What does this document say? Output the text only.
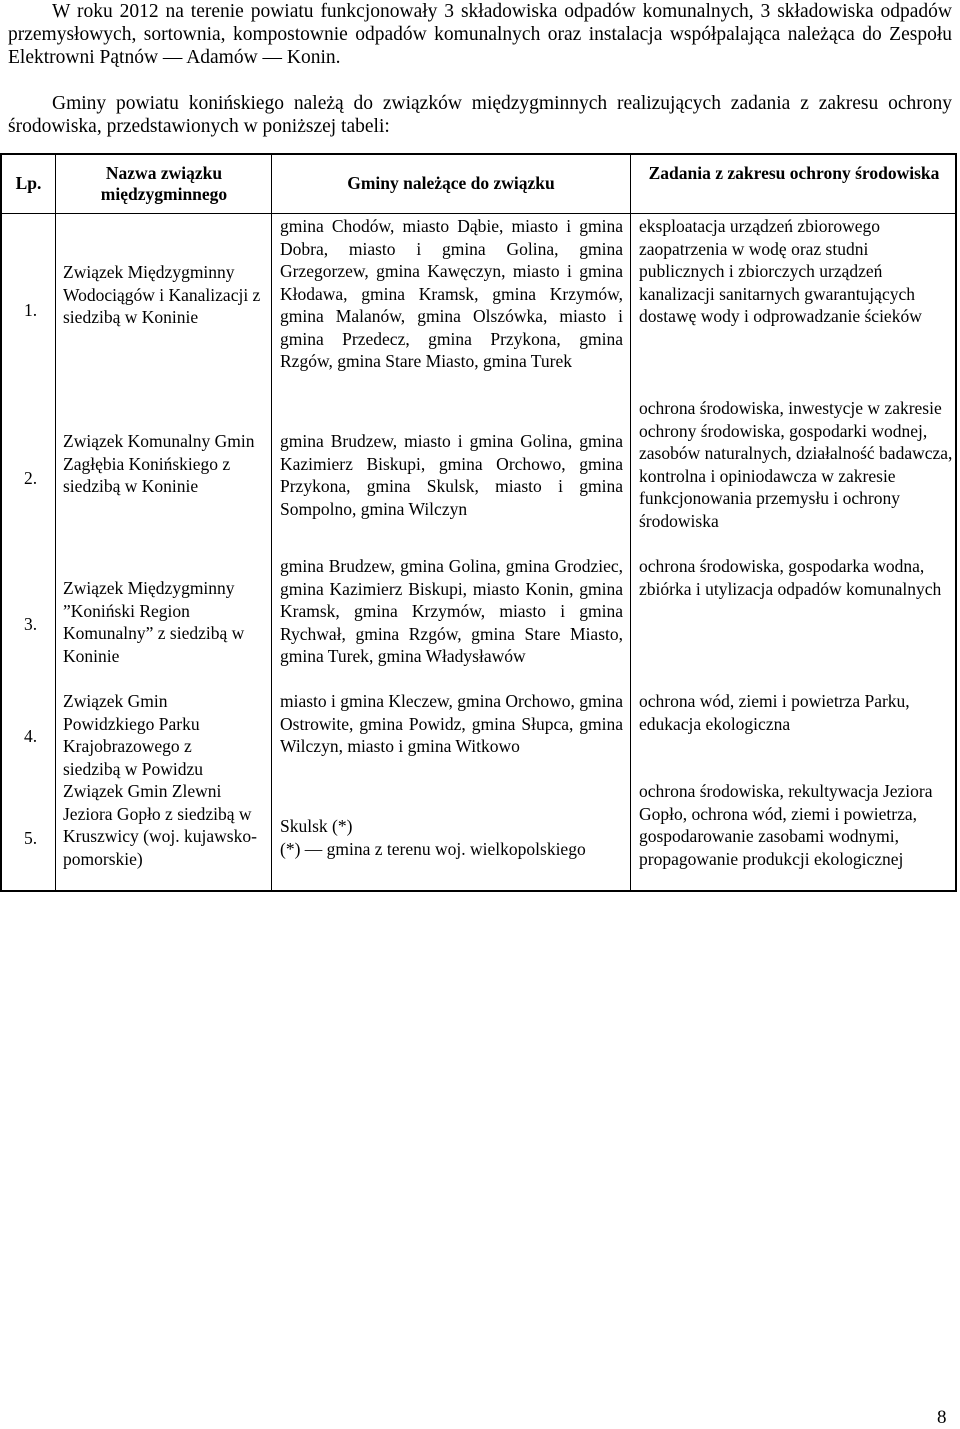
W roku 2012 na terenie powiatu funkcjonowały 3 składowiska odpadów komunalnych, 3 składowiska odpadów przemysłowych, sortownia, kompostownie odpadów komunalnych oraz instalacja współpalająca należąca do Zespołu Elektrowni Pątnów — Adamów — Konin.

Gminy powiatu konińskiego należą do związków międzygminnych realizujących zadania z zakresu ochrony środowiska, przedstawionych w poniższej tabeli:

Lp.	Nazwa związku międzygminnego
Gminy należące do związku	Zadania z zakresu ochrony środowiska
1.
2.
3.
4.
5.
Związek Międzygminny Wodociągów i Kanalizacji z siedzibą w Koninie
Związek Komunalny Gmin Zagłębia Konińskiego z siedzibą w Koninie
Związek Międzygminny ”Koniński Region Komunalny” z siedzibą w Koninie
Związek Gmin Powidzkiego Parku Krajobrazowego z siedzibą w Powidzu
Związek Gmin Zlewni Jeziora Gopło z siedzibą w Kruszwicy (woj. kujawsko-pomorskie)
gmina Chodów, miasto Dąbie, miasto i gmina Dobra, miasto i gmina Golina, gmina Grzegorzew, gmina Kawęczyn, miasto i gmina Kłodawa, gmina Kramsk, gmina Krzymów, gmina Malanów, gmina Olszówka, miasto i gmina Przedecz, gmina Przykona, gmina Rzgów, gmina Stare Miasto, gmina Turek
gmina Brudzew, miasto i gmina Golina, gmina Kazimierz Biskupi, gmina Orchowo, gmina Przykona, gmina Skulsk, miasto i gmina Sompolno, gmina Wilczyn
gmina Brudzew, gmina Golina, gmina Grodziec, gmina Kazimierz Biskupi, miasto Konin, gmina Kramsk, gmina Krzymów, miasto i gmina Rychwał, gmina Rzgów, gmina Stare Miasto, gmina Turek, gmina Władysławów
miasto i gmina Kleczew, gmina Orchowo, gmina Ostrowite, gmina Powidz, gmina Słupca, gmina Wilczyn, miasto i gmina Witkowo
Skulsk (*)
(*) — gmina z terenu woj. wielkopolskiego
eksploatacja urządzeń zbiorowego zaopatrzenia w wodę oraz studni publicznych i zbiorczych urządzeń kanalizacji sanitarnych gwarantujących dostawę wody i odprowadzanie ścieków
ochrona środowiska, inwestycje w zakresie ochrony środowiska, gospodarki wodnej, zasobów naturalnych, działalność badawcza, kontrolna i opiniodawcza w zakresie funkcjonowania przemysłu i ochrony środowiska
ochrona środowiska, gospodarka wodna, zbiórka i utylizacja odpadów komunalnych
ochrona wód, ziemi i powietrza Parku, edukacja ekologiczna
ochrona środowiska, rekultywacja Jeziora Gopło, ochrona wód, ziemi i powietrza, gospodarowanie zasobami wodnymi, propagowanie produkcji ekologicznej
8
